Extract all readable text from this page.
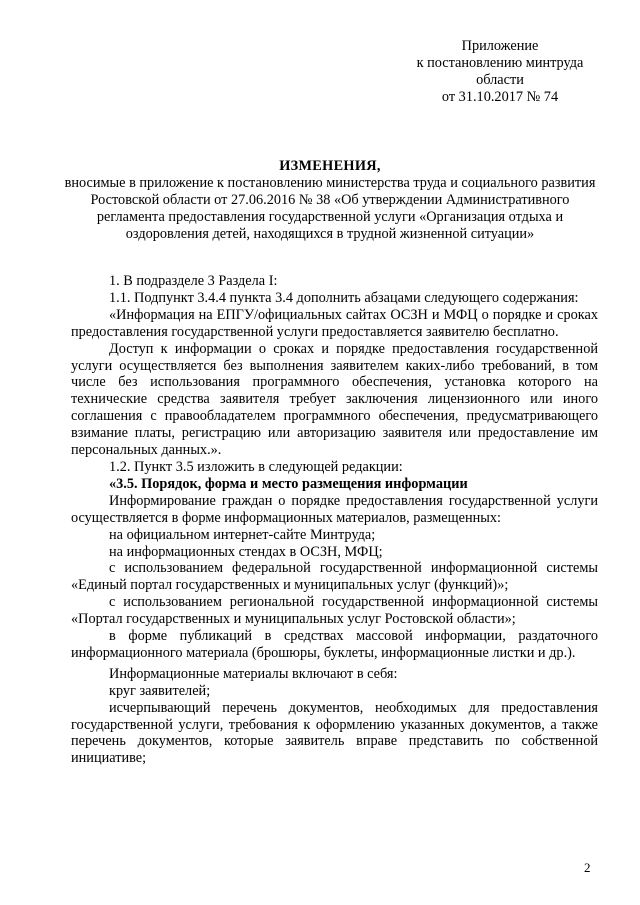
Приложение
к постановлению минтруда
области
от 31.10.2017 № 74
ИЗМЕНЕНИЯ,
вносимые в приложение к постановлению министерства труда и социального развития Ростовской области от 27.06.2016 № 38 «Об утверждении Административного регламента предоставления государственной услуги «Организация отдыха и оздоровления детей, находящихся в трудной жизненной ситуации»

1. В подразделе 3 Раздела I:

1.1. Подпункт 3.4.4 пункта 3.4 дополнить абзацами следующего содержания:

«Информация на ЕПГУ/официальных сайтах ОСЗН и МФЦ о порядке и сроках предоставления государственной услуги предоставляется заявителю бесплатно.

Доступ к информации о сроках и порядке предоставления государственной услуги осуществляется без выполнения заявителем каких-либо требований, в том числе без использования программного обеспечения, установка которого на технические средства заявителя требует заключения лицензионного или иного соглашения с правообладателем программного обеспечения, предусматривающего взимание платы, регистрацию или авторизацию заявителя или предоставление им персональных данных.».

1.2. Пункт 3.5 изложить в следующей редакции:

«3.5. Порядок, форма и место размещения информации

Информирование граждан о порядке предоставления государственной услуги осуществляется в форме информационных материалов, размещенных:

на официальном интернет-сайте Минтруда;

на информационных стендах в ОСЗН, МФЦ;

с использованием федеральной государственной информационной системы «Единый портал государственных и муниципальных услуг (функций)»;

с использованием региональной государственной информационной системы «Портал государственных и муниципальных услуг Ростовской области»;

в форме публикаций в средствах массовой информации, раздаточного информационного материала (брошюры, буклеты, информационные листки и др.).

Информационные материалы включают в себя:

круг заявителей;

исчерпывающий перечень документов, необходимых для предоставления государственной услуги, требования к оформлению указанных документов, а также перечень документов, которые заявитель вправе представить по собственной инициативе;

2
